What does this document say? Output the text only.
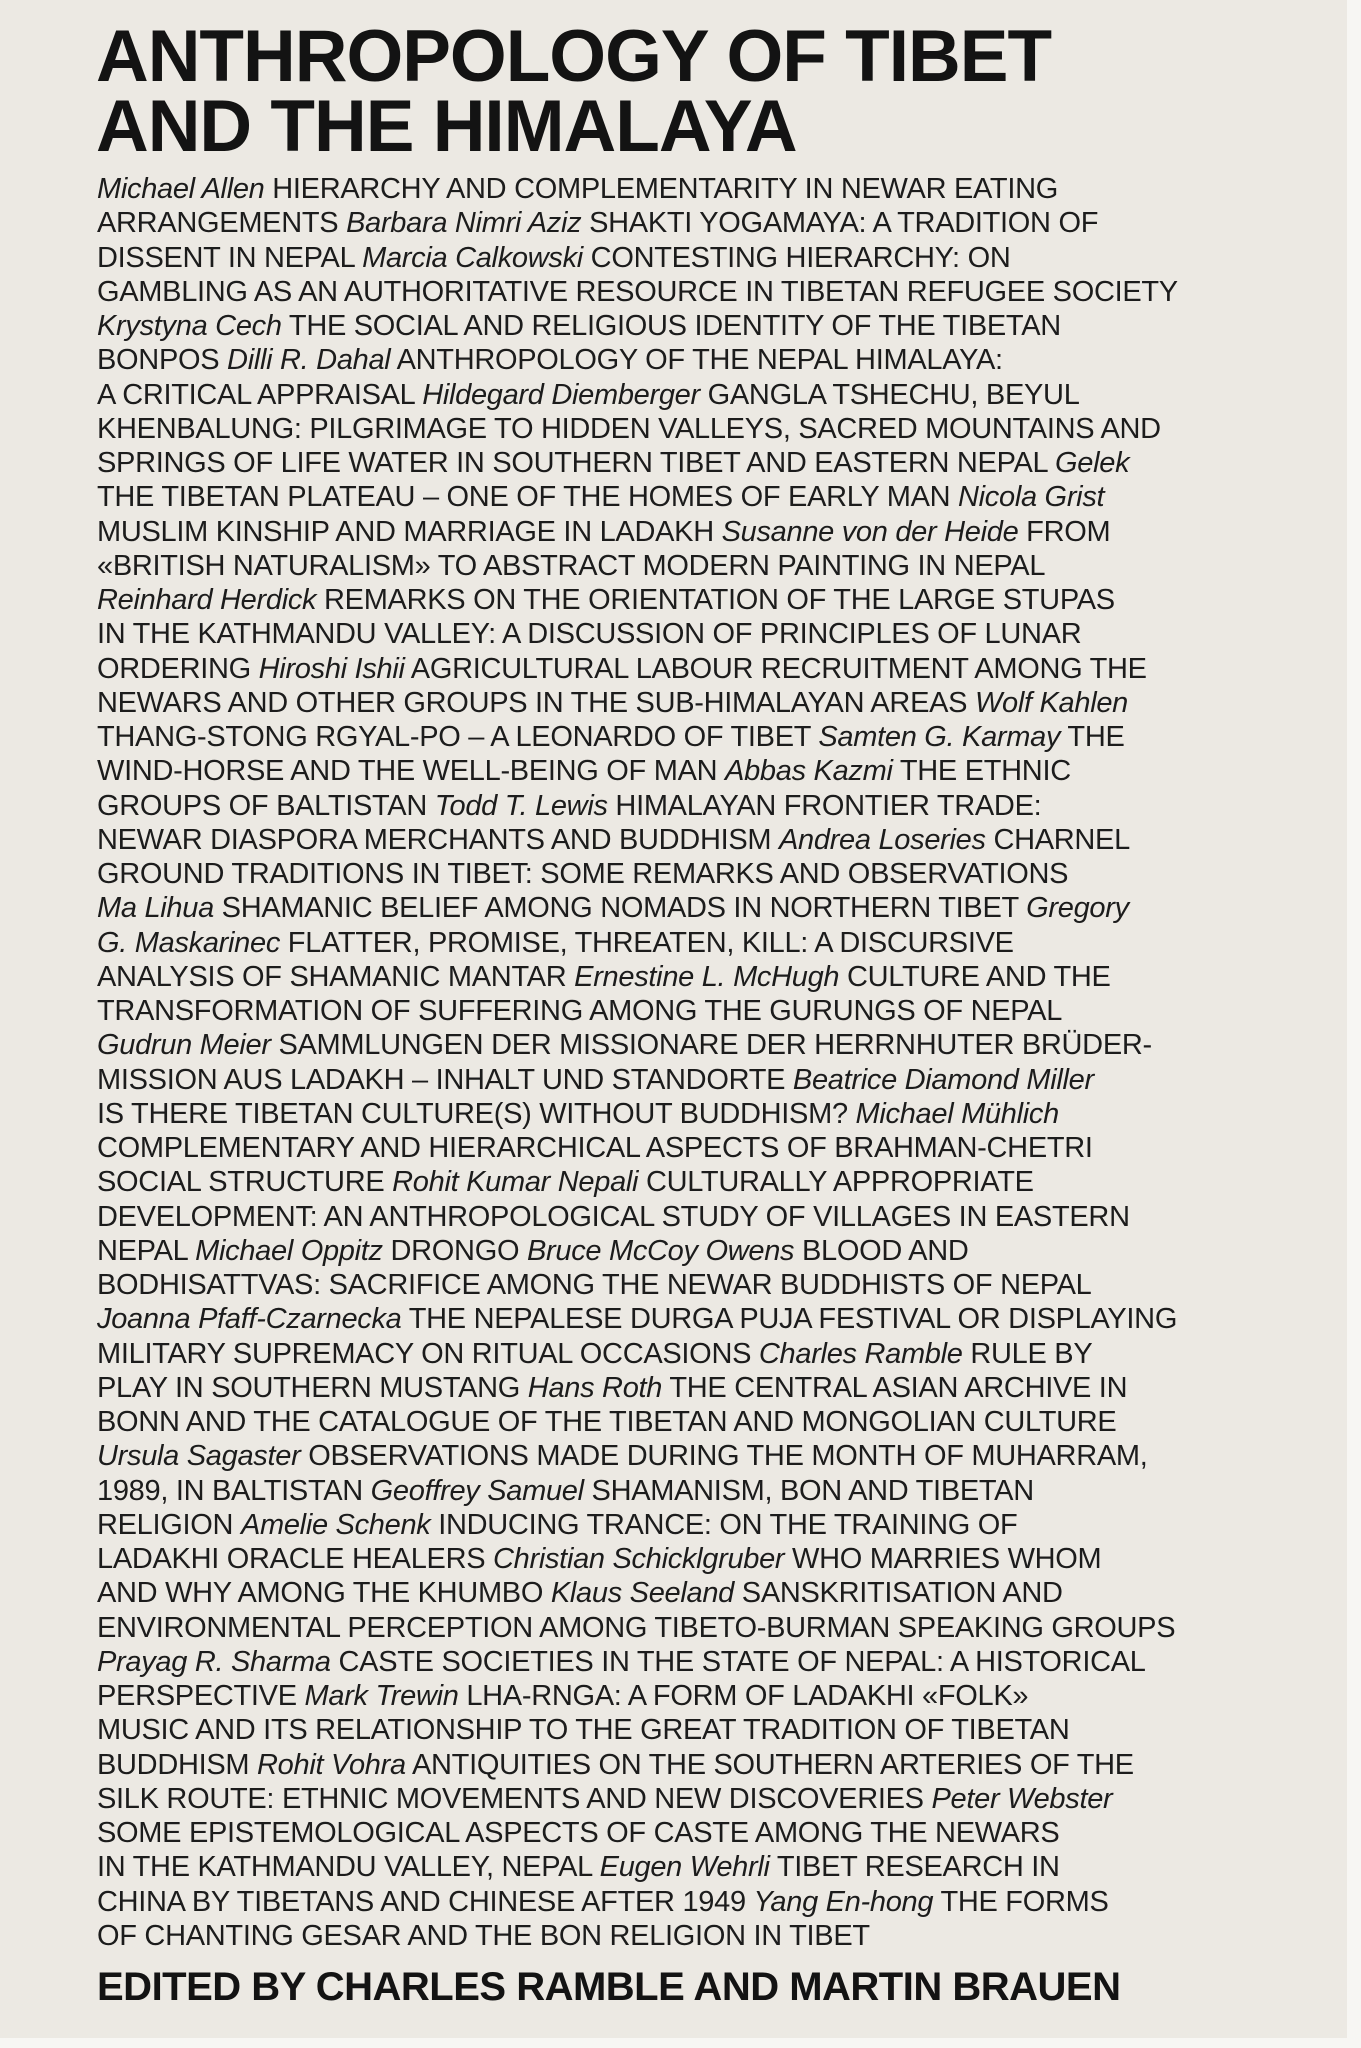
ANTHROPOLOGY OF TIBET
AND THE HIMALAYA
Michael Allen HIERARCHY AND COMPLEMENTARITY IN NEWAR EATING
ARRANGEMENTS Barbara Nimri Aziz SHAKTI YOGAMAYA: A TRADITION OF
DISSENT IN NEPAL Marcia Calkowski CONTESTING HIERARCHY: ON
GAMBLING AS AN AUTHORITATIVE RESOURCE IN TIBETAN REFUGEE SOCIETY
Krystyna Cech THE SOCIAL AND RELIGIOUS IDENTITY OF THE TIBETAN
BONPOS Dilli R. Dahal ANTHROPOLOGY OF THE NEPAL HIMALAYA:
A CRITICAL APPRAISAL Hildegard Diemberger GANGLA TSHECHU, BEYUL
KHENBALUNG: PILGRIMAGE TO HIDDEN VALLEYS, SACRED MOUNTAINS AND
SPRINGS OF LIFE WATER IN SOUTHERN TIBET AND EASTERN NEPAL Gelek
THE TIBETAN PLATEAU – ONE OF THE HOMES OF EARLY MAN Nicola Grist
MUSLIM KINSHIP AND MARRIAGE IN LADAKH Susanne von der Heide FROM
«BRITISH NATURALISM» TO ABSTRACT MODERN PAINTING IN NEPAL
Reinhard Herdick REMARKS ON THE ORIENTATION OF THE LARGE STUPAS
IN THE KATHMANDU VALLEY: A DISCUSSION OF PRINCIPLES OF LUNAR
ORDERING Hiroshi Ishii AGRICULTURAL LABOUR RECRUITMENT AMONG THE
NEWARS AND OTHER GROUPS IN THE SUB-HIMALAYAN AREAS Wolf Kahlen
THANG-STONG RGYAL-PO – A LEONARDO OF TIBET Samten G. Karmay THE
WIND-HORSE AND THE WELL-BEING OF MAN Abbas Kazmi THE ETHNIC
GROUPS OF BALTISTAN Todd T. Lewis HIMALAYAN FRONTIER TRADE:
NEWAR DIASPORA MERCHANTS AND BUDDHISM Andrea Loseries CHARNEL
GROUND TRADITIONS IN TIBET: SOME REMARKS AND OBSERVATIONS
Ma Lihua SHAMANIC BELIEF AMONG NOMADS IN NORTHERN TIBET Gregory
G. Maskarinec FLATTER, PROMISE, THREATEN, KILL: A DISCURSIVE
ANALYSIS OF SHAMANIC MANTAR Ernestine L. McHugh CULTURE AND THE
TRANSFORMATION OF SUFFERING AMONG THE GURUNGS OF NEPAL
Gudrun Meier SAMMLUNGEN DER MISSIONARE DER HERRNHUTER BRÜDER-
MISSION AUS LADAKH – INHALT UND STANDORTE Beatrice Diamond Miller
IS THERE TIBETAN CULTURE(S) WITHOUT BUDDHISM? Michael Mühlich
COMPLEMENTARY AND HIERARCHICAL ASPECTS OF BRAHMAN-CHETRI
SOCIAL STRUCTURE Rohit Kumar Nepali CULTURALLY APPROPRIATE
DEVELOPMENT: AN ANTHROPOLOGICAL STUDY OF VILLAGES IN EASTERN
NEPAL Michael Oppitz DRONGO Bruce McCoy Owens BLOOD AND
BODHISATTVAS: SACRIFICE AMONG THE NEWAR BUDDHISTS OF NEPAL
Joanna Pfaff-Czarnecka THE NEPALESE DURGA PUJA FESTIVAL OR DISPLAYING
MILITARY SUPREMACY ON RITUAL OCCASIONS Charles Ramble RULE BY
PLAY IN SOUTHERN MUSTANG Hans Roth THE CENTRAL ASIAN ARCHIVE IN
BONN AND THE CATALOGUE OF THE TIBETAN AND MONGOLIAN CULTURE
Ursula Sagaster OBSERVATIONS MADE DURING THE MONTH OF MUHARRAM,
1989, IN BALTISTAN Geoffrey Samuel SHAMANISM, BON AND TIBETAN
RELIGION Amelie Schenk INDUCING TRANCE: ON THE TRAINING OF
LADAKHI ORACLE HEALERS Christian Schicklgruber WHO MARRIES WHOM
AND WHY AMONG THE KHUMBO Klaus Seeland SANSKRITISATION AND
ENVIRONMENTAL PERCEPTION AMONG TIBETO-BURMAN SPEAKING GROUPS
Prayag R. Sharma CASTE SOCIETIES IN THE STATE OF NEPAL: A HISTORICAL
PERSPECTIVE Mark Trewin LHA-RNGA: A FORM OF LADAKHI «FOLK»
MUSIC AND ITS RELATIONSHIP TO THE GREAT TRADITION OF TIBETAN
BUDDHISM Rohit Vohra ANTIQUITIES ON THE SOUTHERN ARTERIES OF THE
SILK ROUTE: ETHNIC MOVEMENTS AND NEW DISCOVERIES Peter Webster
SOME EPISTEMOLOGICAL ASPECTS OF CASTE AMONG THE NEWARS
IN THE KATHMANDU VALLEY, NEPAL Eugen Wehrli TIBET RESEARCH IN
CHINA BY TIBETANS AND CHINESE AFTER 1949 Yang En-hong THE FORMS
OF CHANTING GESAR AND THE BON RELIGION IN TIBET
EDITED BY CHARLES RAMBLE AND MARTIN BRAUEN
